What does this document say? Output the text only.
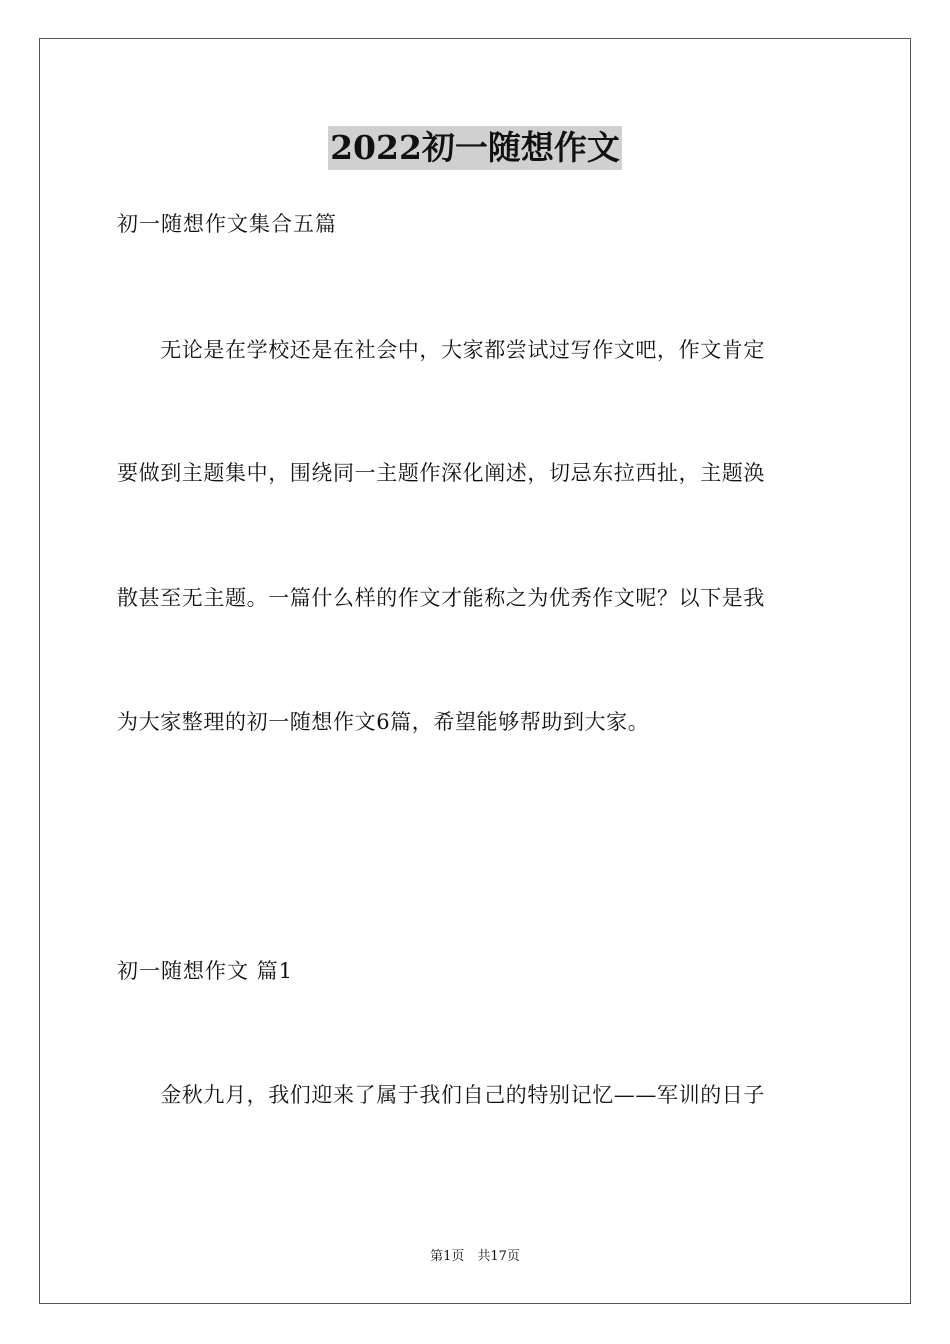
2022初一随想作文
初一随想作文集合五篇
　　无论是在学校还是在社会中，大家都尝试过写作文吧，作文肯定
要做到主题集中，围绕同一主题作深化阐述，切忌东拉西扯，主题涣
散甚至无主题。一篇什么样的作文才能称之为优秀作文呢？以下是我
为大家整理的初一随想作文6篇，希望能够帮助到大家。
初一随想作文 篇1
　　金秋九月，我们迎来了属于我们自己的特别记忆——军训的日子
第1页　共17页
